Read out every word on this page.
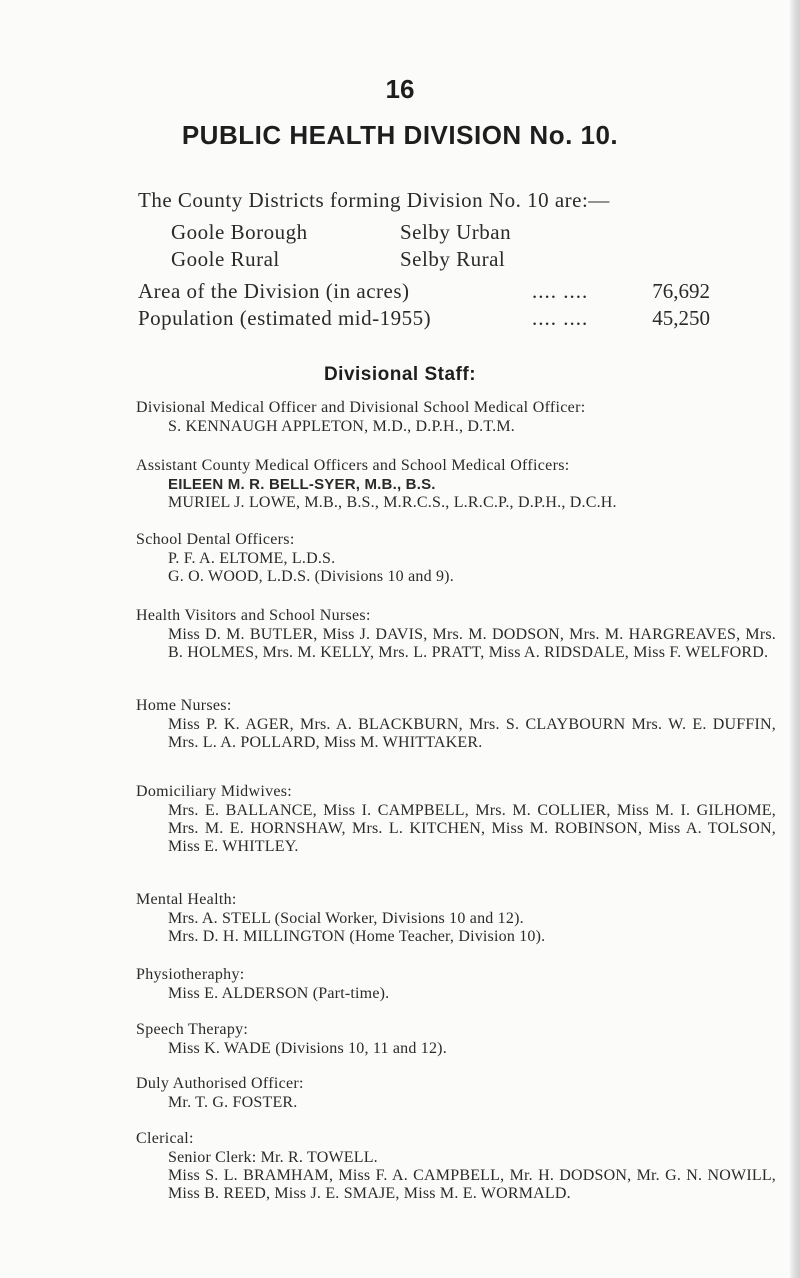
16
PUBLIC HEALTH DIVISION No. 10.
The County Districts forming Division No. 10 are:—
Goole Borough	Selby Urban
Goole Rural	Selby Rural
Area of the Division (in acres)	.... ....	76,692
Population (estimated mid-1955)	.... ....	45,250
Divisional Staff:
Divisional Medical Officer and Divisional School Medical Officer:
S. KENNAUGH APPLETON, M.D., D.P.H., D.T.M.
Assistant County Medical Officers and School Medical Officers:
EILEEN M. R. BELL-SYER, M.B., B.S.
MURIEL J. LOWE, M.B., B.S., M.R.C.S., L.R.C.P., D.P.H., D.C.H.
School Dental Officers:
P. F. A. ELTOME, L.D.S.
G. O. WOOD, L.D.S. (Divisions 10 and 9).
Health Visitors and School Nurses:
Miss D. M. BUTLER, Miss J. DAVIS, Mrs. M. DODSON, Mrs. M. HARGREAVES, Mrs. B. HOLMES, Mrs. M. KELLY, Mrs. L. PRATT, Miss A. RIDSDALE, Miss F. WELFORD.
Home Nurses:
Miss P. K. AGER, Mrs. A. BLACKBURN, Mrs. S. CLAYBOURN Mrs. W. E. DUFFIN, Mrs. L. A. POLLARD, Miss M. WHITTAKER.
Domiciliary Midwives:
Mrs. E. BALLANCE, Miss I. CAMPBELL, Mrs. M. COLLIER, Miss M. I. GILHOME, Mrs. M. E. HORNSHAW, Mrs. L. KITCHEN, Miss M. ROBINSON, Miss A. TOLSON, Miss E. WHITLEY.
Mental Health:
Mrs. A. STELL (Social Worker, Divisions 10 and 12).
Mrs. D. H. MILLINGTON (Home Teacher, Division 10).
Physiotheraphy:
Miss E. ALDERSON (Part-time).
Speech Therapy:
Miss K. WADE (Divisions 10, 11 and 12).
Duly Authorised Officer:
Mr. T. G. FOSTER.
Clerical:
Senior Clerk: Mr. R. TOWELL.
Miss S. L. BRAMHAM, Miss F. A. CAMPBELL, Mr. H. DODSON, Mr. G. N. NOWILL, Miss B. REED, Miss J. E. SMAJE, Miss M. E. WORMALD.
